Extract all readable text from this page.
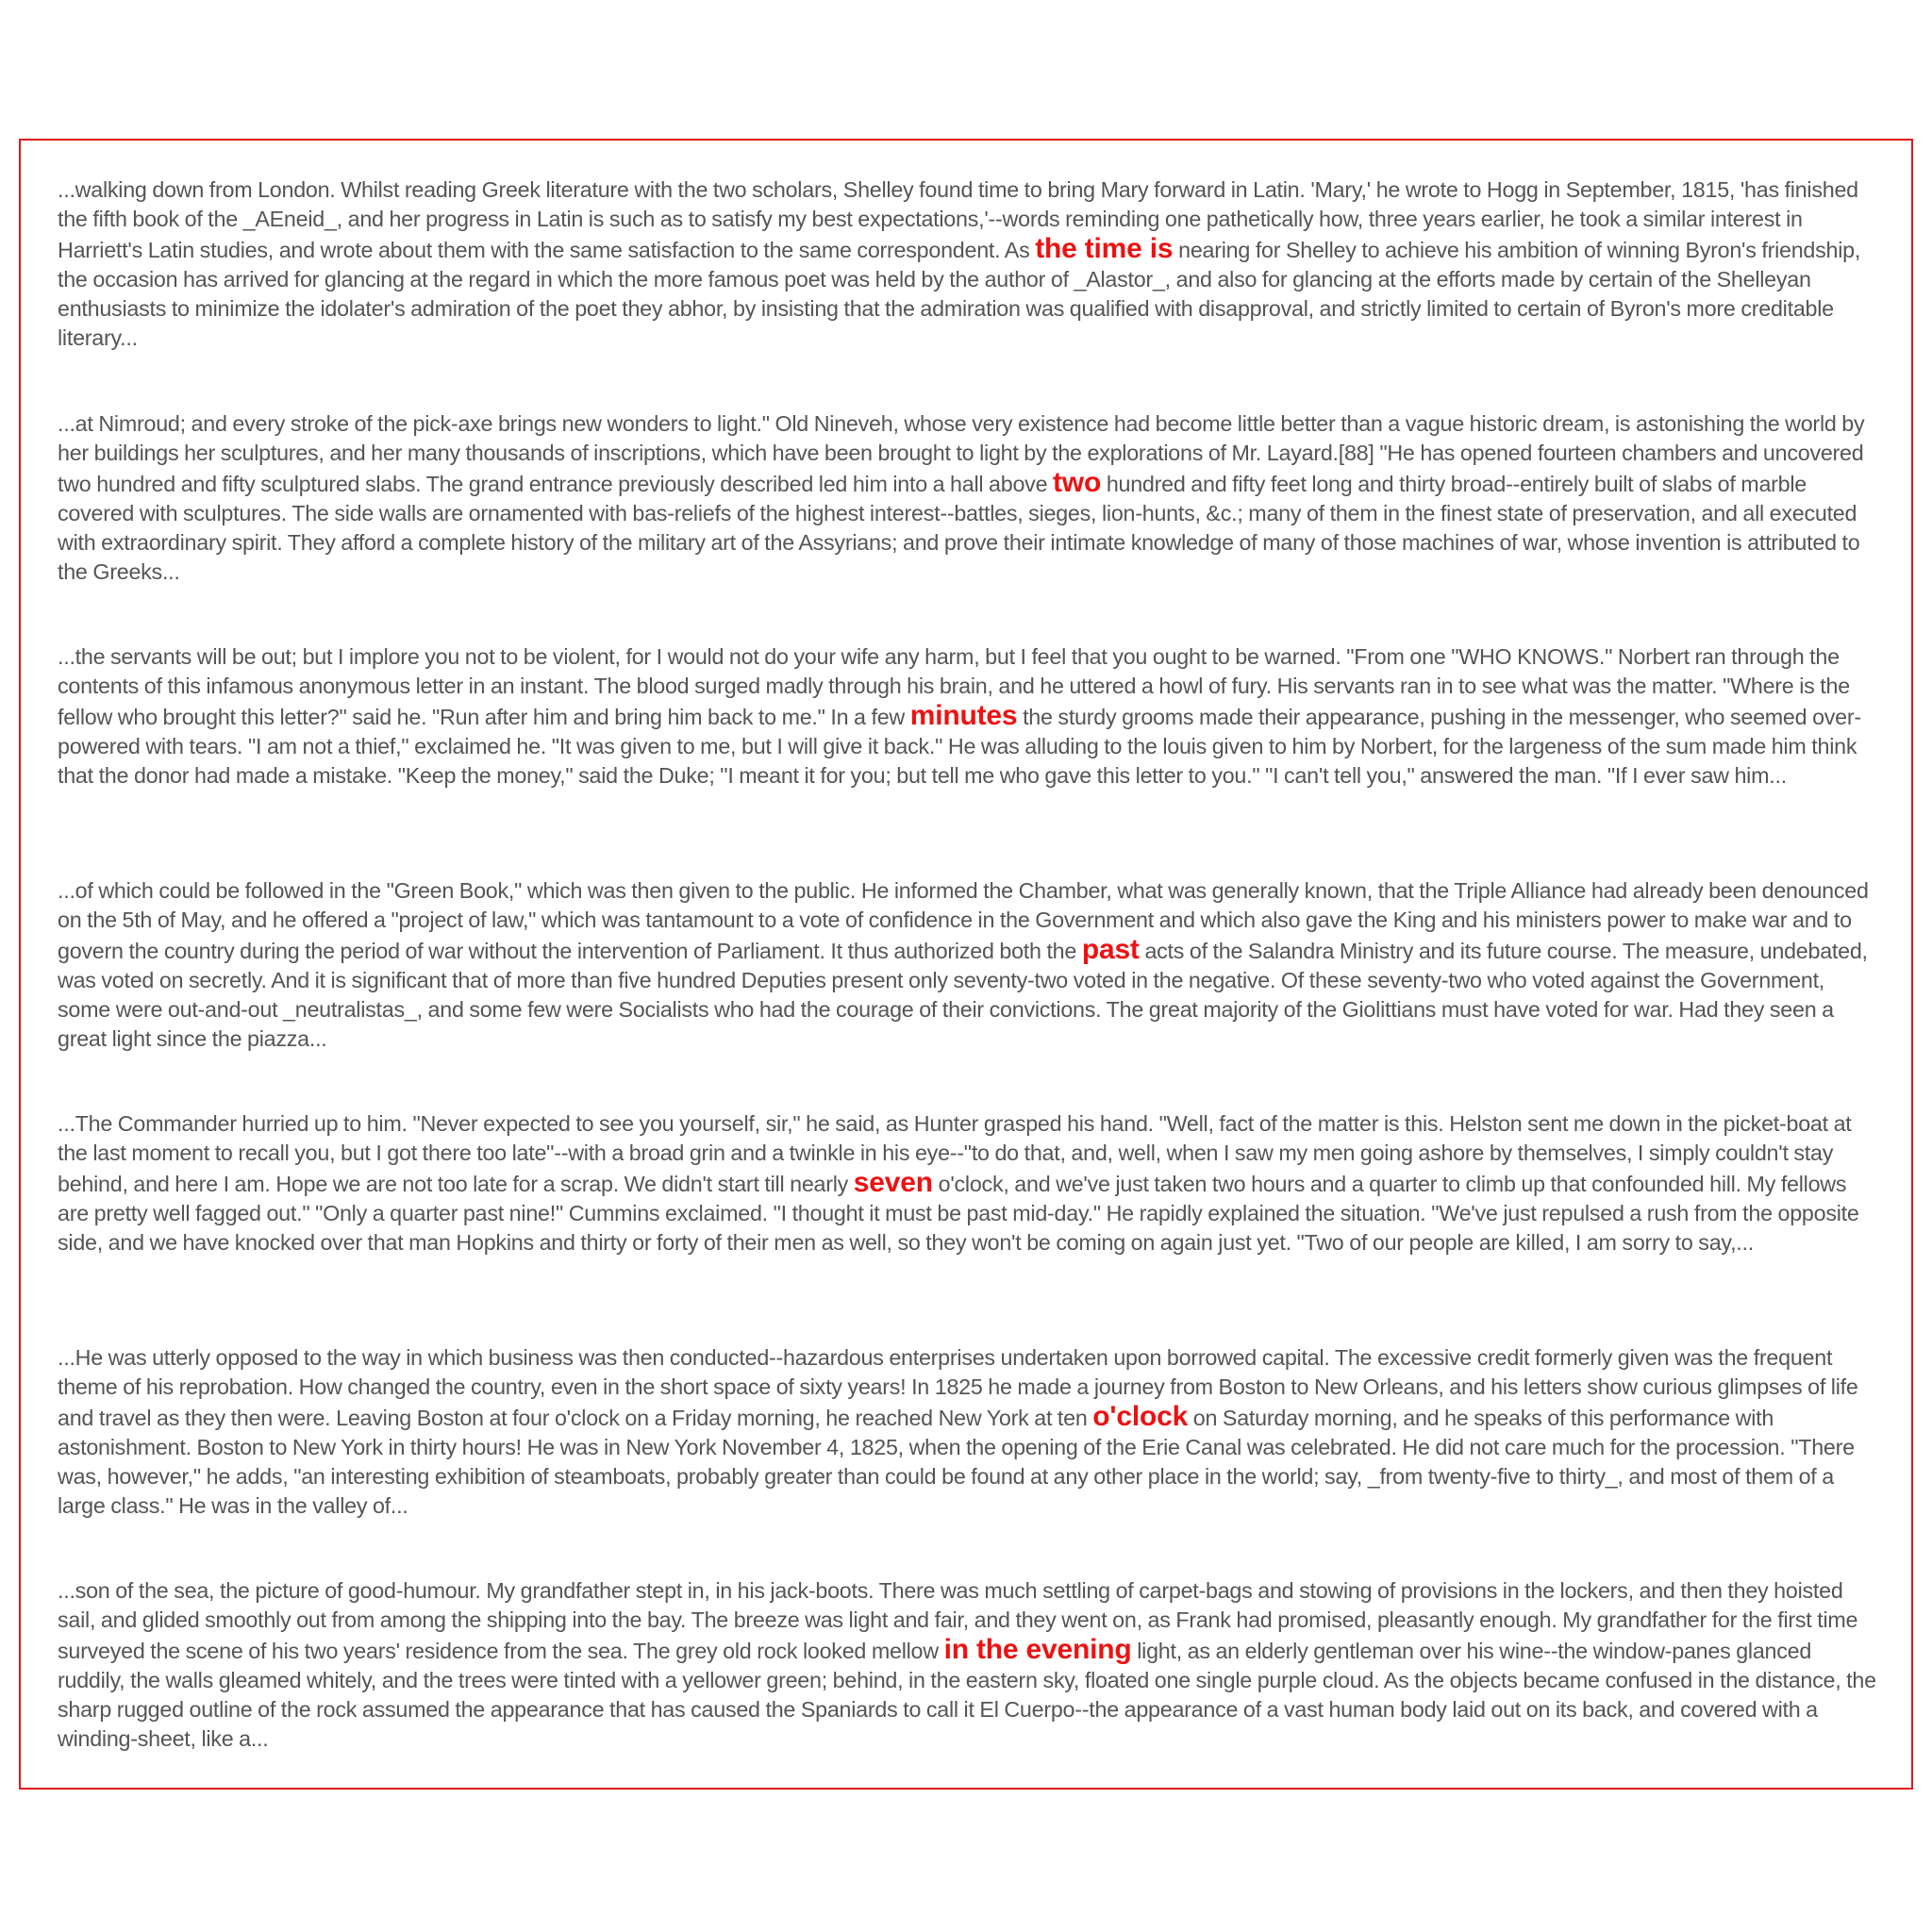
...walking down from London. Whilst reading Greek literature with the two scholars, Shelley found time to bring Mary forward in Latin. 'Mary,' he wrote to Hogg in September, 1815, 'has finished the fifth book of the _AEneid_, and her progress in Latin is such as to satisfy my best expectations,'--words reminding one pathetically how, three years earlier, he took a similar interest in Harriett's Latin studies, and wrote about them with the same satisfaction to the same correspondent. As the time is nearing for Shelley to achieve his ambition of winning Byron's friendship, the occasion has arrived for glancing at the regard in which the more famous poet was held by the author of _Alastor_, and also for glancing at the efforts made by certain of the Shelleyan enthusiasts to minimize the idolater's admiration of the poet they abhor, by insisting that the admiration was qualified with disapproval, and strictly limited to certain of Byron's more creditable literary...

...at Nimroud; and every stroke of the pick-axe brings new wonders to light." Old Nineveh, whose very existence had become little better than a vague historic dream, is astonishing the world by her buildings her sculptures, and her many thousands of inscriptions, which have been brought to light by the explorations of Mr. Layard.[88] "He has opened fourteen chambers and uncovered two hundred and fifty sculptured slabs. The grand entrance previously described led him into a hall above two hundred and fifty feet long and thirty broad--entirely built of slabs of marble covered with sculptures. The side walls are ornamented with bas-reliefs of the highest interest--battles, sieges, lion-hunts, &c.; many of them in the finest state of preservation, and all executed with extraordinary spirit. They afford a complete history of the military art of the Assyrians; and prove their intimate knowledge of many of those machines of war, whose invention is attributed to the Greeks...

...the servants will be out; but I implore you not to be violent, for I would not do your wife any harm, but I feel that you ought to be warned. "From one "WHO KNOWS." Norbert ran through the contents of this infamous anonymous letter in an instant. The blood surged madly through his brain, and he uttered a howl of fury. His servants ran in to see what was the matter. "Where is the fellow who brought this letter?" said he. "Run after him and bring him back to me." In a few minutes the sturdy grooms made their appearance, pushing in the messenger, who seemed over-powered with tears. "I am not a thief," exclaimed he. "It was given to me, but I will give it back." He was alluding to the louis given to him by Norbert, for the largeness of the sum made him think that the donor had made a mistake. "Keep the money," said the Duke; "I meant it for you; but tell me who gave this letter to you." "I can't tell you," answered the man. "If I ever saw him...

...of which could be followed in the "Green Book," which was then given to the public. He informed the Chamber, what was generally known, that the Triple Alliance had already been denounced on the 5th of May, and he offered a "project of law," which was tantamount to a vote of confidence in the Government and which also gave the King and his ministers power to make war and to govern the country during the period of war without the intervention of Parliament. It thus authorized both the past acts of the Salandra Ministry and its future course. The measure, undebated, was voted on secretly. And it is significant that of more than five hundred Deputies present only seventy-two voted in the negative. Of these seventy-two who voted against the Government, some were out-and-out _neutralistas_, and some few were Socialists who had the courage of their convictions. The great majority of the Giolittians must have voted for war. Had they seen a great light since the piazza...

...The Commander hurried up to him. "Never expected to see you yourself, sir," he said, as Hunter grasped his hand. "Well, fact of the matter is this. Helston sent me down in the picket-boat at the last moment to recall you, but I got there too late"--with a broad grin and a twinkle in his eye--"to do that, and, well, when I saw my men going ashore by themselves, I simply couldn't stay behind, and here I am. Hope we are not too late for a scrap. We didn't start till nearly seven o'clock, and we've just taken two hours and a quarter to climb up that confounded hill. My fellows are pretty well fagged out." "Only a quarter past nine!" Cummins exclaimed. "I thought it must be past mid-day." He rapidly explained the situation. "We've just repulsed a rush from the opposite side, and we have knocked over that man Hopkins and thirty or forty of their men as well, so they won't be coming on again just yet. "Two of our people are killed, I am sorry to say,...

...He was utterly opposed to the way in which business was then conducted--hazardous enterprises undertaken upon borrowed capital. The excessive credit formerly given was the frequent theme of his reprobation. How changed the country, even in the short space of sixty years! In 1825 he made a journey from Boston to New Orleans, and his letters show curious glimpses of life and travel as they then were. Leaving Boston at four o'clock on a Friday morning, he reached New York at ten o'clock on Saturday morning, and he speaks of this performance with astonishment. Boston to New York in thirty hours! He was in New York November 4, 1825, when the opening of the Erie Canal was celebrated. He did not care much for the procession. "There was, however," he adds, "an interesting exhibition of steamboats, probably greater than could be found at any other place in the world; say, _from twenty-five to thirty_, and most of them of a large class." He was in the valley of...

...son of the sea, the picture of good-humour. My grandfather stept in, in his jack-boots. There was much settling of carpet-bags and stowing of provisions in the lockers, and then they hoisted sail, and glided smoothly out from among the shipping into the bay. The breeze was light and fair, and they went on, as Frank had promised, pleasantly enough. My grandfather for the first time surveyed the scene of his two years' residence from the sea. The grey old rock looked mellow in the evening light, as an elderly gentleman over his wine--the window-panes glanced ruddily, the walls gleamed whitely, and the trees were tinted with a yellower green; behind, in the eastern sky, floated one single purple cloud. As the objects became confused in the distance, the sharp rugged outline of the rock assumed the appearance that has caused the Spaniards to call it El Cuerpo--the appearance of a vast human body laid out on its back, and covered with a winding-sheet, like a...
